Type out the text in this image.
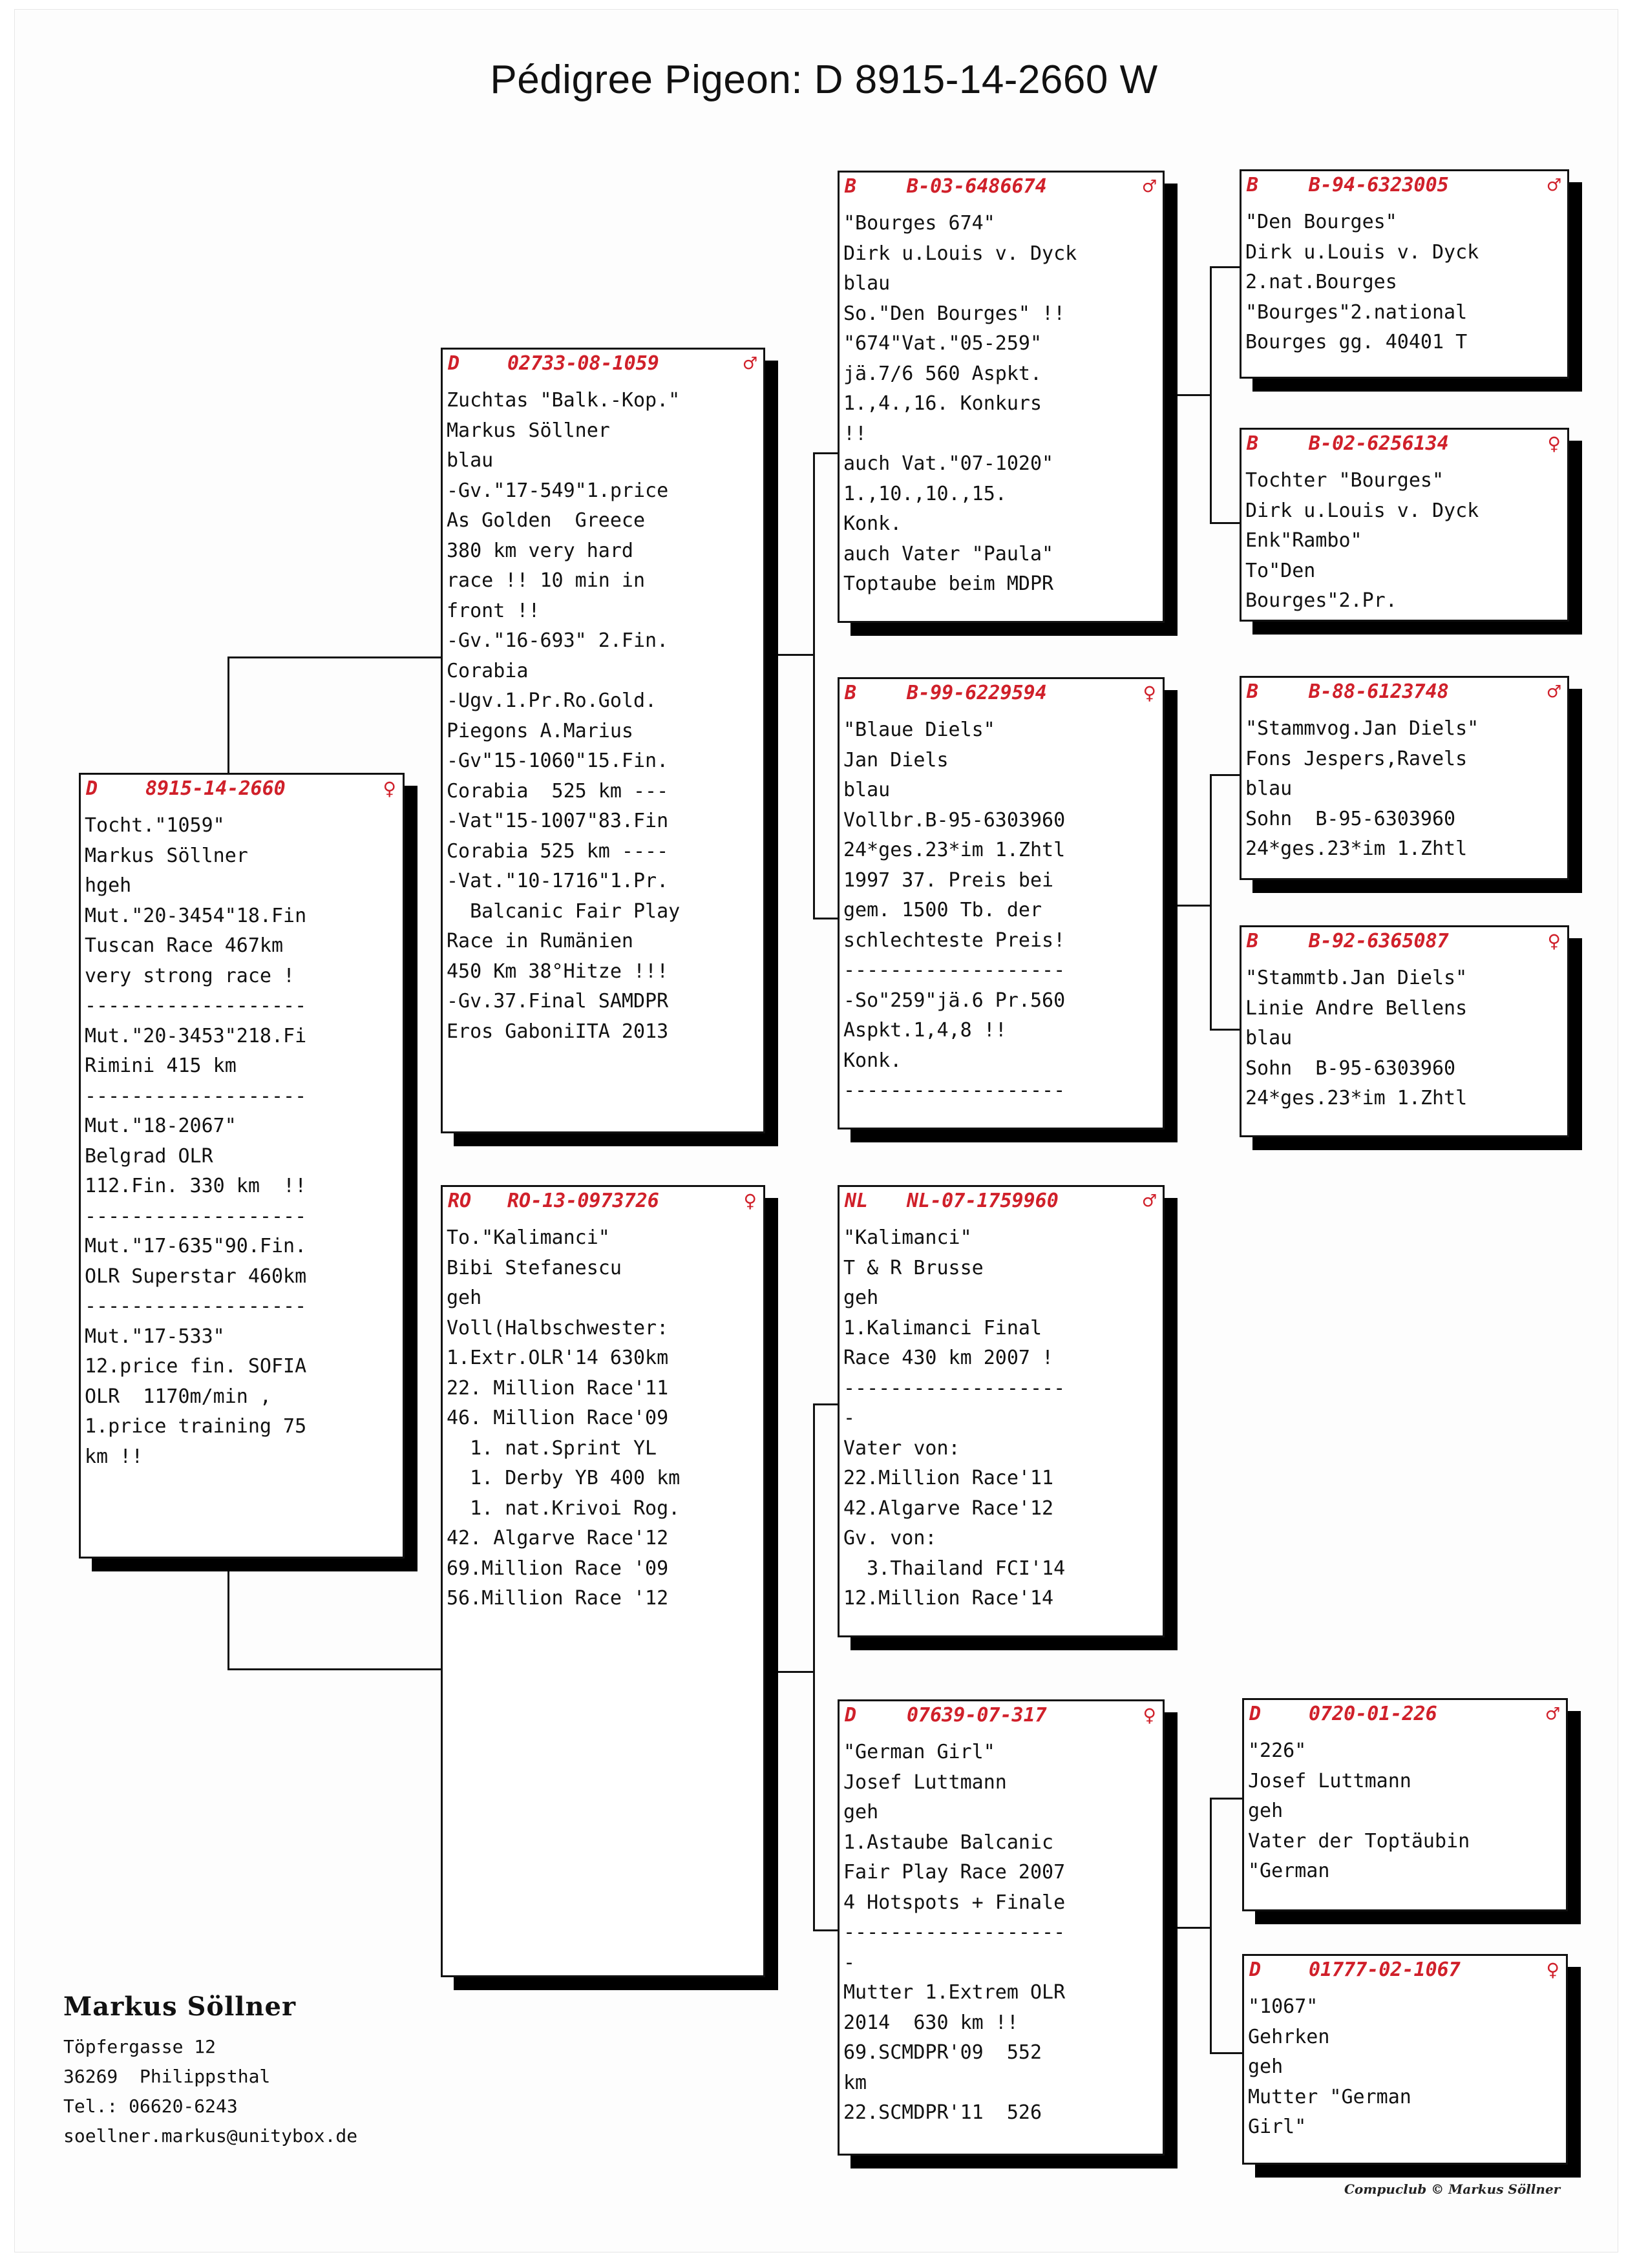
Pédigree Pigeon: D 8915-14-2660 W
D 8915-14-2660	♀
Tocht."1059"
Markus Söllner
hgeh
Mut."20-3454"18.Fin
Tuscan Race 467km
very strong race !
-------------------
Mut."20-3453"218.Fi
Rimini 415 km
-------------------
Mut."18-2067"
Belgrad OLR
112.Fin. 330 km  !!
-------------------
Mut."17-635"90.Fin.
OLR Superstar 460km
-------------------
Mut."17-533"
12.price fin. SOFIA
OLR  1170m/min ,
1.price training 75
km !!
D 02733-08-1059	♂
Zuchtas "Balk.-Kop."
Markus Söllner
blau
-Gv."17-549"1.price
As Golden  Greece
380 km very hard
race !! 10 min in
front !!
-Gv."16-693" 2.Fin.
Corabia
-Ugv.1.Pr.Ro.Gold.
Piegons A.Marius
-Gv"15-1060"15.Fin.
Corabia  525 km ---
-Vat"15-1007"83.Fin
Corabia 525 km ----
-Vat."10-1716"1.Pr.
Balcanic Fair Play
Race in Rumänien
450 Km 38°Hitze !!!
-Gv.37.Final SAMDPR
Eros GaboniITA 2013
RO RO-13-0973726	♀
To."Kalimanci"
Bibi Stefanescu
geh
Voll(Halbschwester:
1.Extr.OLR'14 630km
22. Million Race'11
46. Million Race'09
1. nat.Sprint YL
1. Derby YB 400 km
1. nat.Krivoi Rog.
42. Algarve Race'12
69.Million Race '09
56.Million Race '12
B	B-03-6486674	♂
"Bourges 674"
Dirk u.Louis v. Dyck
blau
So."Den Bourges" !!
"674"Vat."05-259"
jä.7/6 560 Aspkt.
1.,4.,16. Konkurs
!!
auch Vat."07-1020"
1.,10.,10.,15.
Konk.
auch Vater "Paula"
Toptaube beim MDPR
B	B-99-6229594	♀
"Blaue Diels"
Jan Diels
blau
Vollbr.B-95-6303960
24*ges.23*im 1.Zhtl
1997 37. Preis bei
gem. 1500 Tb. der
schlechteste Preis!
-------------------
-So"259"jä.6 Pr.560
Aspkt.1,4,8 !!
Konk.
-------------------
NL NL-07-1759960	♂
"Kalimanci"
T & R Brusse
geh
1.Kalimanci Final
Race 430 km 2007 !
-------------------
-
Vater von:
22.Million Race'11
42.Algarve Race'12
Gv. von:
3.Thailand FCI'14
12.Million Race'14
D	07639-07-317	♀
"German Girl"
Josef Luttmann
geh
1.Astaube Balcanic
Fair Play Race 2007
4 Hotspots + Finale
-------------------
-
Mutter 1.Extrem OLR
2014  630 km !!
69.SCMDPR'09  552
km
22.SCMDPR'11  526
B	B-94-6323005	♂
"Den Bourges"
Dirk u.Louis v. Dyck
2.nat.Bourges
"Bourges"2.national
Bourges gg. 40401 T
B	B-02-6256134	♀
Tochter "Bourges"
Dirk u.Louis v. Dyck
Enk"Rambo"
To"Den
Bourges"2.Pr.
B	B-88-6123748	♂
"Stammvog.Jan Diels"
Fons Jespers,Ravels
blau
Sohn  B-95-6303960
24*ges.23*im 1.Zhtl
B	B-92-6365087	♀
"Stammtb.Jan Diels"
Linie Andre Bellens
blau
Sohn  B-95-6303960
24*ges.23*im 1.Zhtl
D 0720-01-226	♂
"226"
Josef Luttmann
geh
Vater der Toptäubin
"German
D 01777-02-1067	♀
"1067"
Gehrken
geh
Mutter "German
Girl"
Markus Söllner
Töpfergasse 12
36269  Philippsthal
Tel.: 06620-6243
soellner.markus@unitybox.de
Compuclub © Markus Söllner
